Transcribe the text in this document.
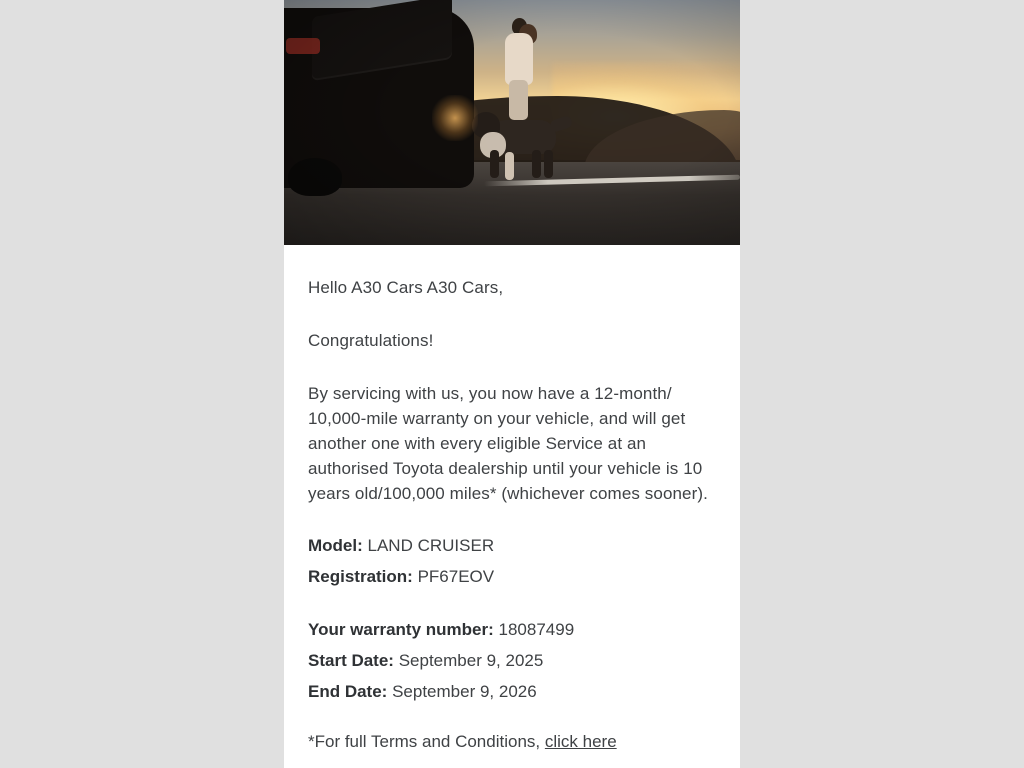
Hello A30 Cars A30 Cars,

Congratulations!

By servicing with us, you now have a 12-month/ 10,000-mile warranty on your vehicle, and will get another one with every eligible Service at an authorised Toyota dealership until your vehicle is 10 years old/100,000 miles* (whichever comes sooner).

Model: LAND CRUISER
Registration: PF67EOV
Your warranty number: 18087499
Start Date: September 9, 2025
End Date: September 9, 2026

*For full Terms and Conditions, click here
